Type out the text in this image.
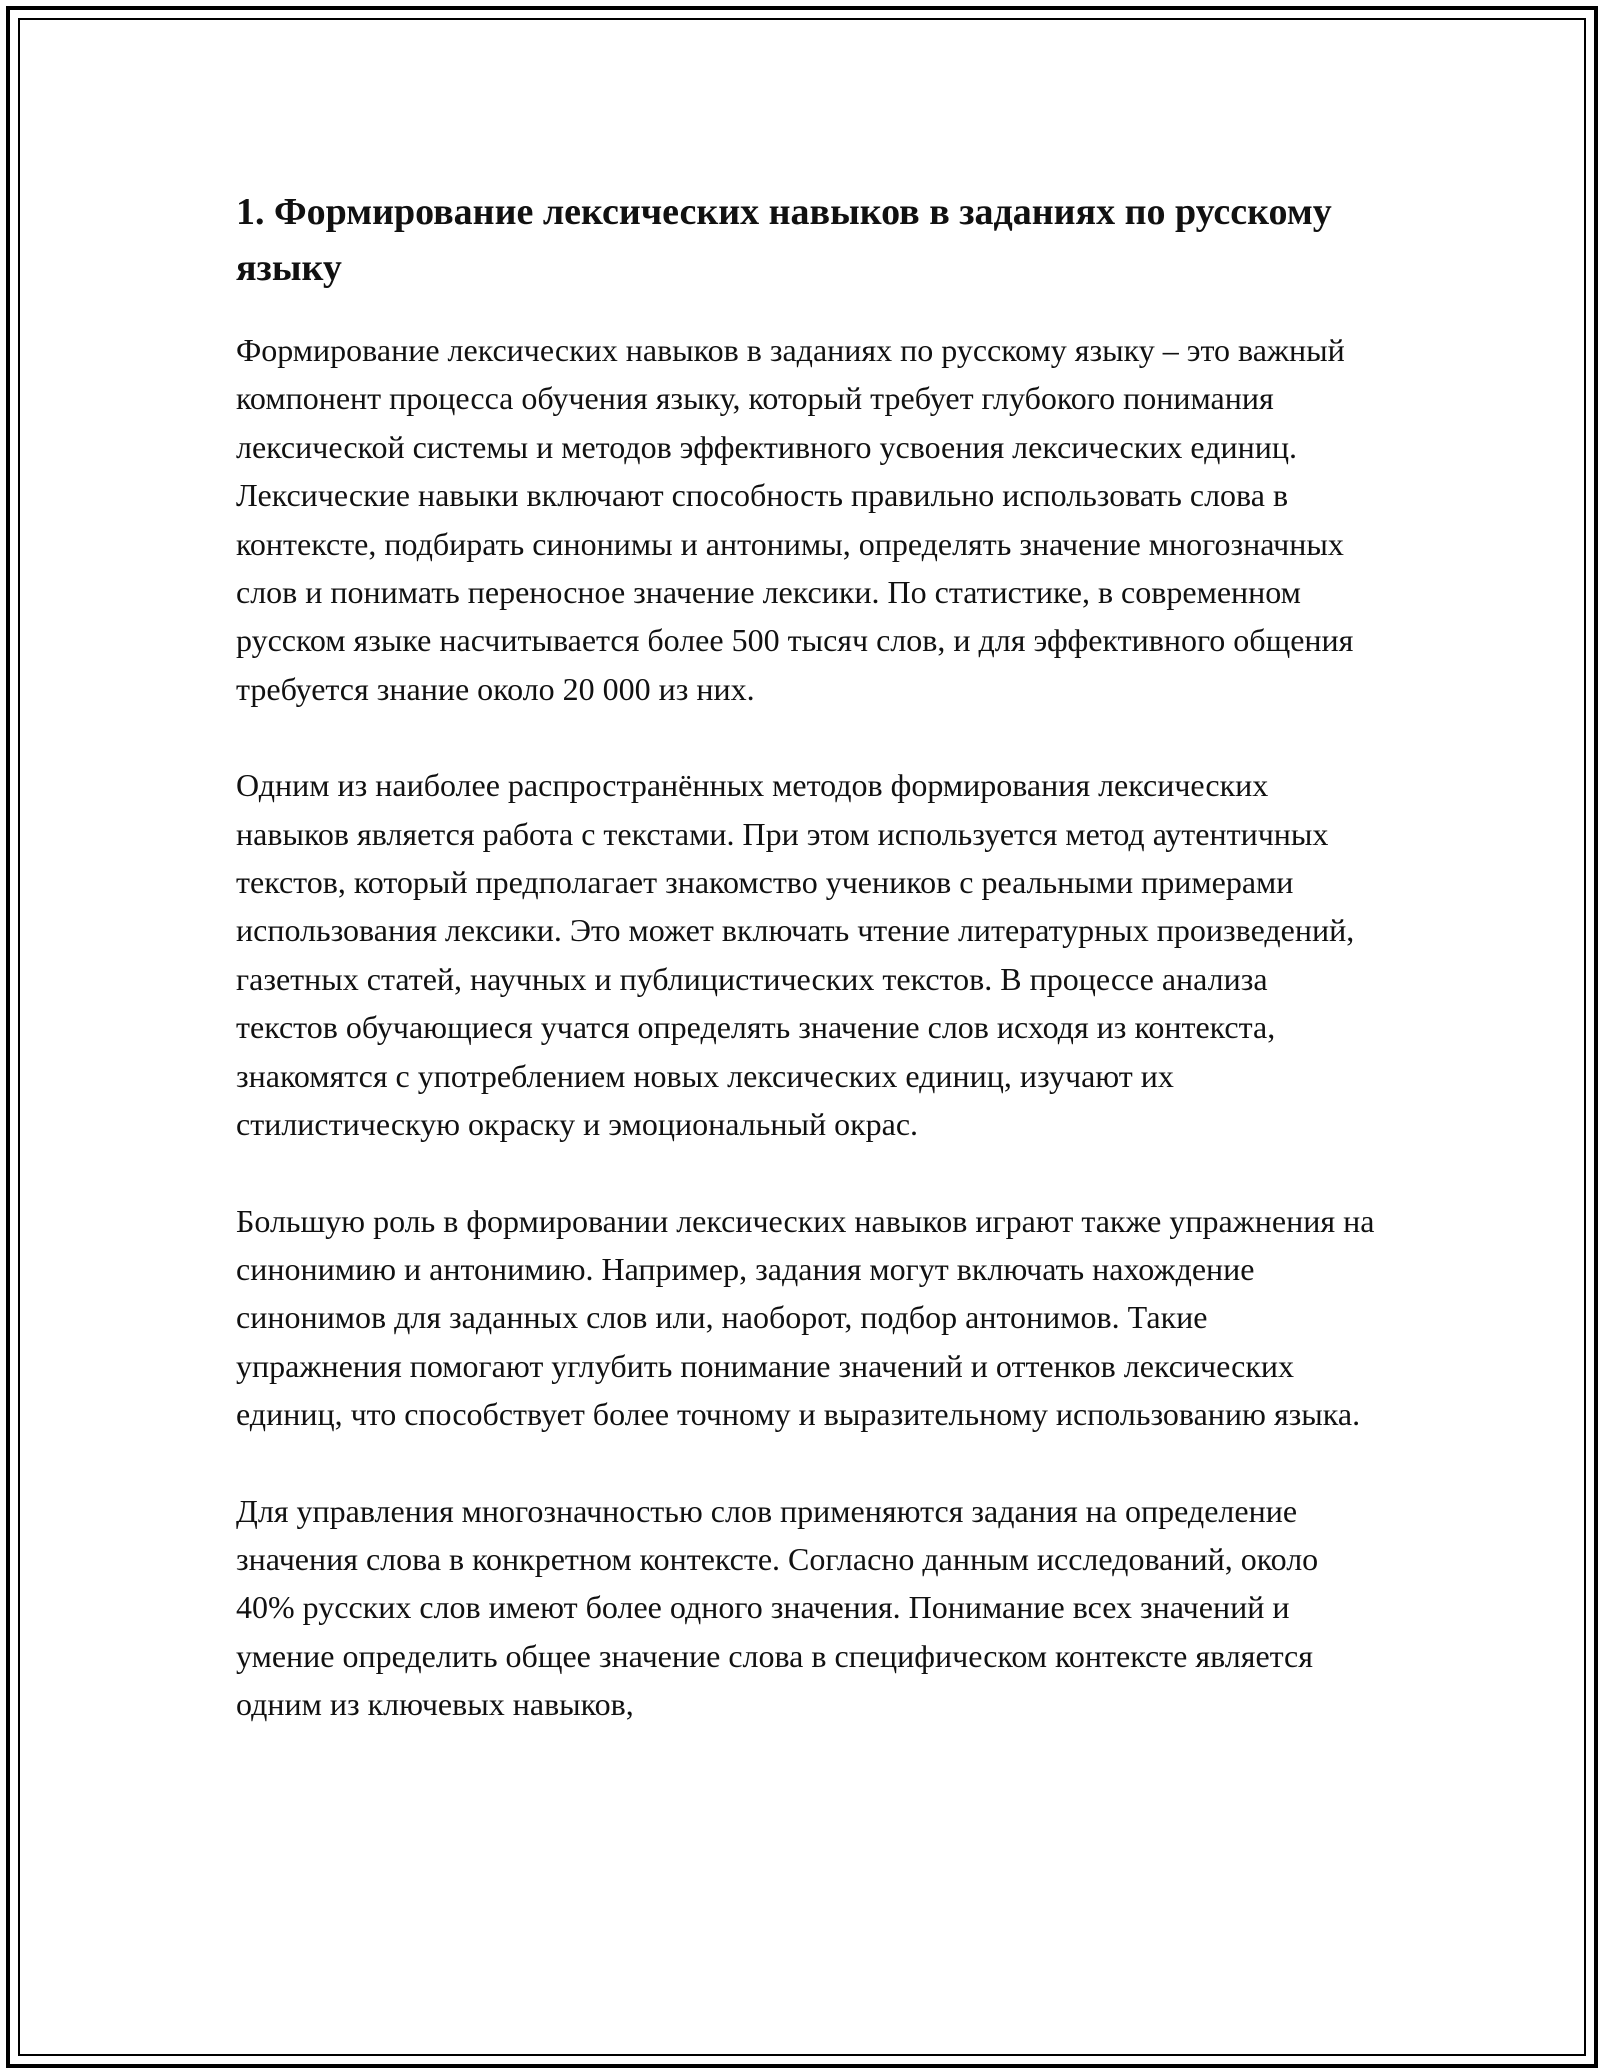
1. Формирование лексических навыков в заданиях по русскому языку

Формирование лексических навыков в заданиях по русскому языку – это важный компонент процесса обучения языку, который требует глубокого понимания лексической системы и методов эффективного усвоения лексических единиц. Лексические навыки включают способность правильно использовать слова в контексте, подбирать синонимы и антонимы, определять значение многозначных слов и понимать переносное значение лексики. По статистике, в современном русском языке насчитывается более 500 тысяч слов, и для эффективного общения требуется знание около 20 000 из них.

Одним из наиболее распространённых методов формирования лексических навыков является работа с текстами. При этом используется метод аутентичных текстов, который предполагает знакомство учеников с реальными примерами использования лексики. Это может включать чтение литературных произведений, газетных статей, научных и публицистических текстов. В процессе анализа текстов обучающиеся учатся определять значение слов исходя из контекста, знакомятся с употреблением новых лексических единиц, изучают их стилистическую окраску и эмоциональный окрас.

Большую роль в формировании лексических навыков играют также упражнения на синонимию и антонимию. Например, задания могут включать нахождение синонимов для заданных слов или, наоборот, подбор антонимов. Такие упражнения помогают углубить понимание значений и оттенков лексических единиц, что способствует более точному и выразительному использованию языка.

Для управления многозначностью слов применяются задания на определение значения слова в конкретном контексте. Согласно данным исследований, около 40% русских слов имеют более одного значения. Понимание всех значений и умение определить общее значение слова в специфическом контексте является одним из ключевых навыков,
